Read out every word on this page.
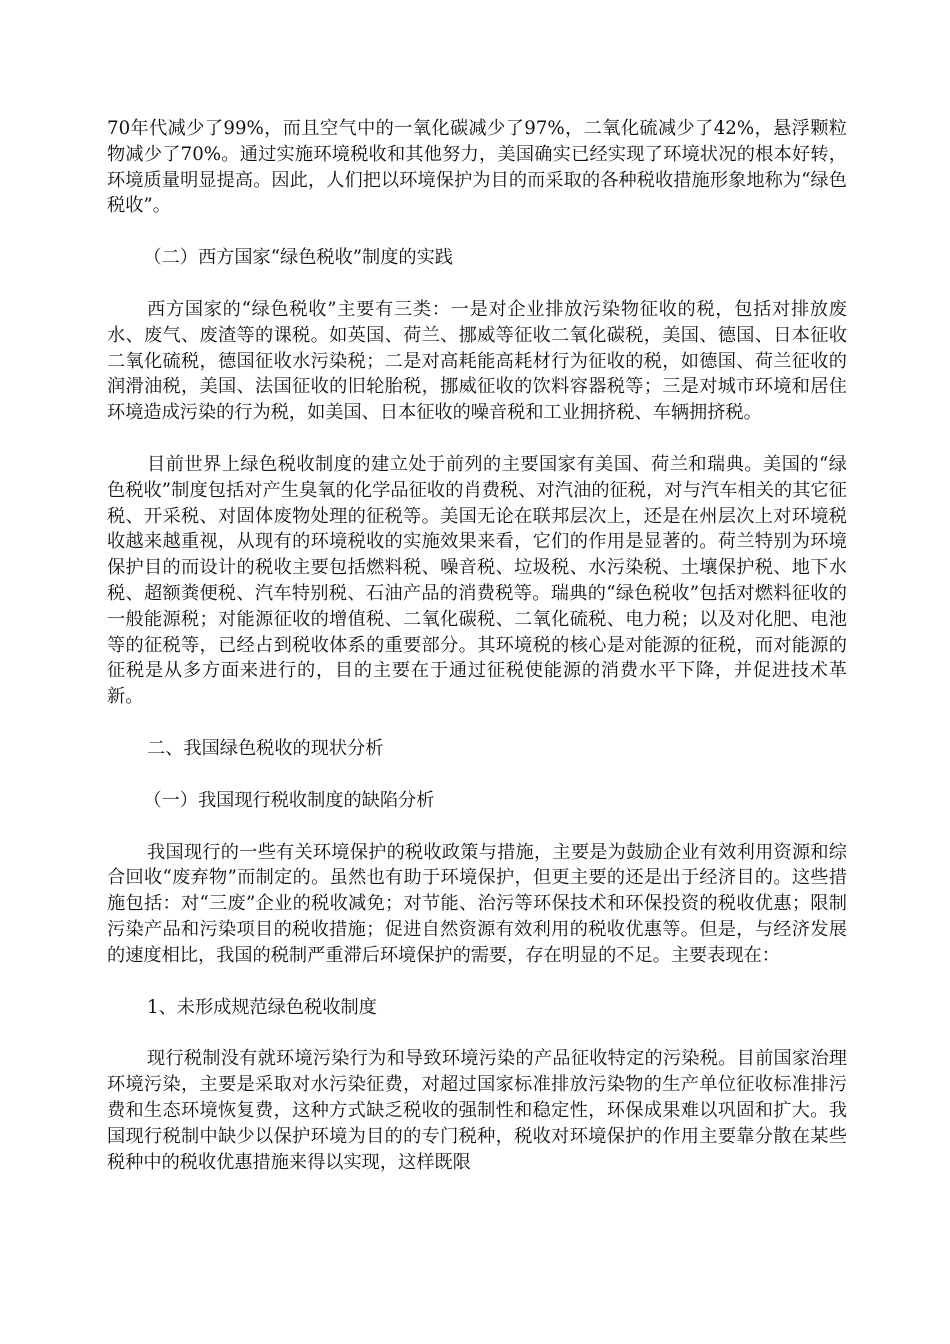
70年代减少了99%，而且空气中的一氧化碳减少了97%，二氧化硫减少了42%，悬浮颗粒物减少了70%。通过实施环境税收和其他努力，美国确实已经实现了环境状况的根本好转，环境质量明显提高。因此，人们把以环境保护为目的而采取的各种税收措施形象地称为“绿色税收”。

（二）西方国家“绿色税收”制度的实践

西方国家的“绿色税收”主要有三类：一是对企业排放污染物征收的税，包括对排放废水、废气、废渣等的课税。如英国、荷兰、挪威等征收二氧化碳税，美国、德国、日本征收二氧化硫税，德国征收水污染税；二是对高耗能高耗材行为征收的税，如德国、荷兰征收的润滑油税，美国、法国征收的旧轮胎税，挪威征收的饮料容器税等；三是对城市环境和居住环境造成污染的行为税，如美国、日本征收的噪音税和工业拥挤税、车辆拥挤税。

目前世界上绿色税收制度的建立处于前列的主要国家有美国、荷兰和瑞典。美国的“绿色税收”制度包括对产生臭氧的化学品征收的肖费税、对汽油的征税，对与汽车相关的其它征税、开采税、对固体废物处理的征税等。美国无论在联邦层次上，还是在州层次上对环境税收越来越重视，从现有的环境税收的实施效果来看，它们的作用是显著的。荷兰特别为环境保护目的而设计的税收主要包括燃料税、噪音税、垃圾税、水污染税、土壤保护税、地下水税、超额粪便税、汽车特别税、石油产品的消费税等。瑞典的“绿色税收”包括对燃料征收的一般能源税；对能源征收的增值税、二氧化碳税、二氧化硫税、电力税；以及对化肥、电池等的征税等，已经占到税收体系的重要部分。其环境税的核心是对能源的征税，而对能源的征税是从多方面来进行的，目的主要在于通过征税使能源的消费水平下降，并促进技术革新。

二、我国绿色税收的现状分析

（一）我国现行税收制度的缺陷分析

我国现行的一些有关环境保护的税收政策与措施，主要是为鼓励企业有效利用资源和综合回收“废弃物”而制定的。虽然也有助于环境保护，但更主要的还是出于经济目的。这些措施包括：对“三废”企业的税收减免；对节能、治污等环保技术和环保投资的税收优惠；限制污染产品和污染项目的税收措施；促进自然资源有效利用的税收优惠等。但是，与经济发展的速度相比，我国的税制严重滞后环境保护的需要，存在明显的不足。主要表现在：

1、未形成规范绿色税收制度

现行税制没有就环境污染行为和导致环境污染的产品征收特定的污染税。目前国家治理环境污染，主要是采取对水污染征费，对超过国家标准排放污染物的生产单位征收标准排污费和生态环境恢复费，这种方式缺乏税收的强制性和稳定性，环保成果难以巩固和扩大。我国现行税制中缺少以保护环境为目的的专门税种，税收对环境保护的作用主要靠分散在某些税种中的税收优惠措施来得以实现，这样既限
